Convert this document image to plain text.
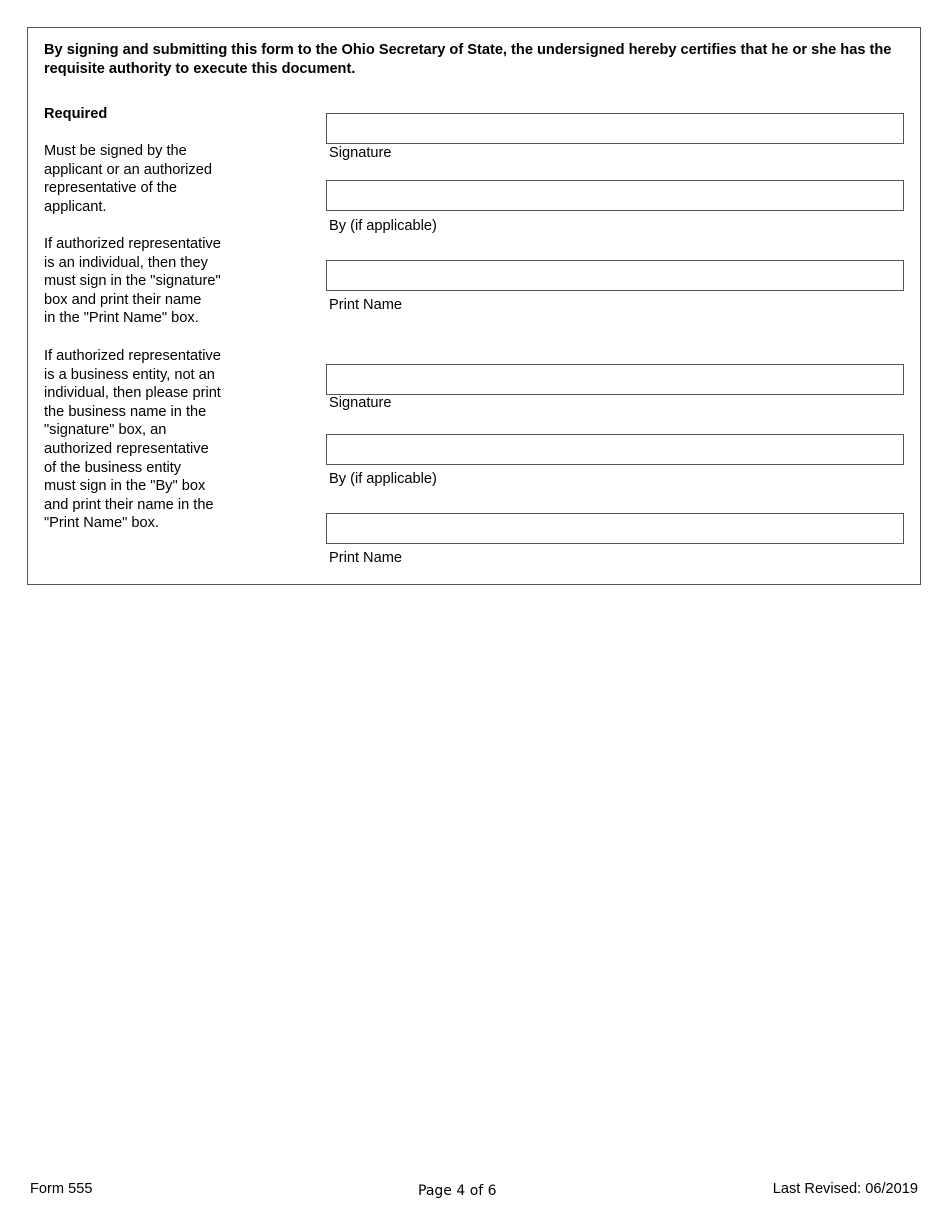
By signing and submitting this form to the Ohio Secretary of State, the undersigned hereby certifies that he or she has the requisite authority to execute this document.
Required
Must be signed by the
applicant or an authorized
representative of the
applicant.
If authorized representative
is an individual, then they
must sign in the "signature"
box and print their name
in the "Print Name" box.
If authorized representative
is a business entity, not an
individual, then please print
the business name in the
"signature" box, an
authorized representative
of the business entity
must sign in the "By" box
and print their name in the
"Print Name" box.
Signature
By (if applicable)
Print Name
Signature
By (if applicable)
Print Name
Form 555	Page 4 of 6	Last Revised: 06/2019
